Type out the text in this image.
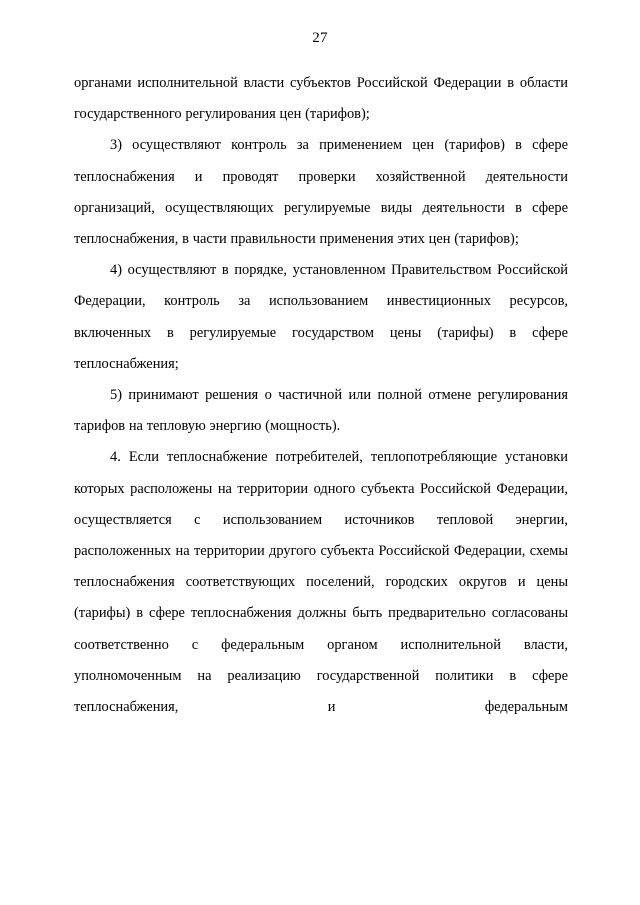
27

органами исполнительной власти субъектов Российской Федерации в области государственного регулирования цен (тарифов);

3) осуществляют контроль за применением цен (тарифов) в сфере теплоснабжения и проводят проверки хозяйственной деятельности организаций, осуществляющих регулируемые виды деятельности в сфере теплоснабжения, в части правильности применения этих цен (тарифов);

4) осуществляют в порядке, установленном Правительством Российской Федерации, контроль за использованием инвестиционных ресурсов, включенных в регулируемые государством цены (тарифы) в сфере теплоснабжения;

5) принимают решения о частичной или полной отмене регулирования тарифов на тепловую энергию (мощность).

4. Если теплоснабжение потребителей, теплопотребляющие установки которых расположены на территории одного субъекта Российской Федерации, осуществляется с использованием источников тепловой энергии, расположенных на территории другого субъекта Российской Федерации, схемы теплоснабжения соответствующих поселений, городских округов и цены (тарифы) в сфере теплоснабжения должны быть предварительно согласованы соответственно с федеральным органом исполнительной власти, уполномоченным на реализацию государственной политики в сфере теплоснабжения, и федеральным
